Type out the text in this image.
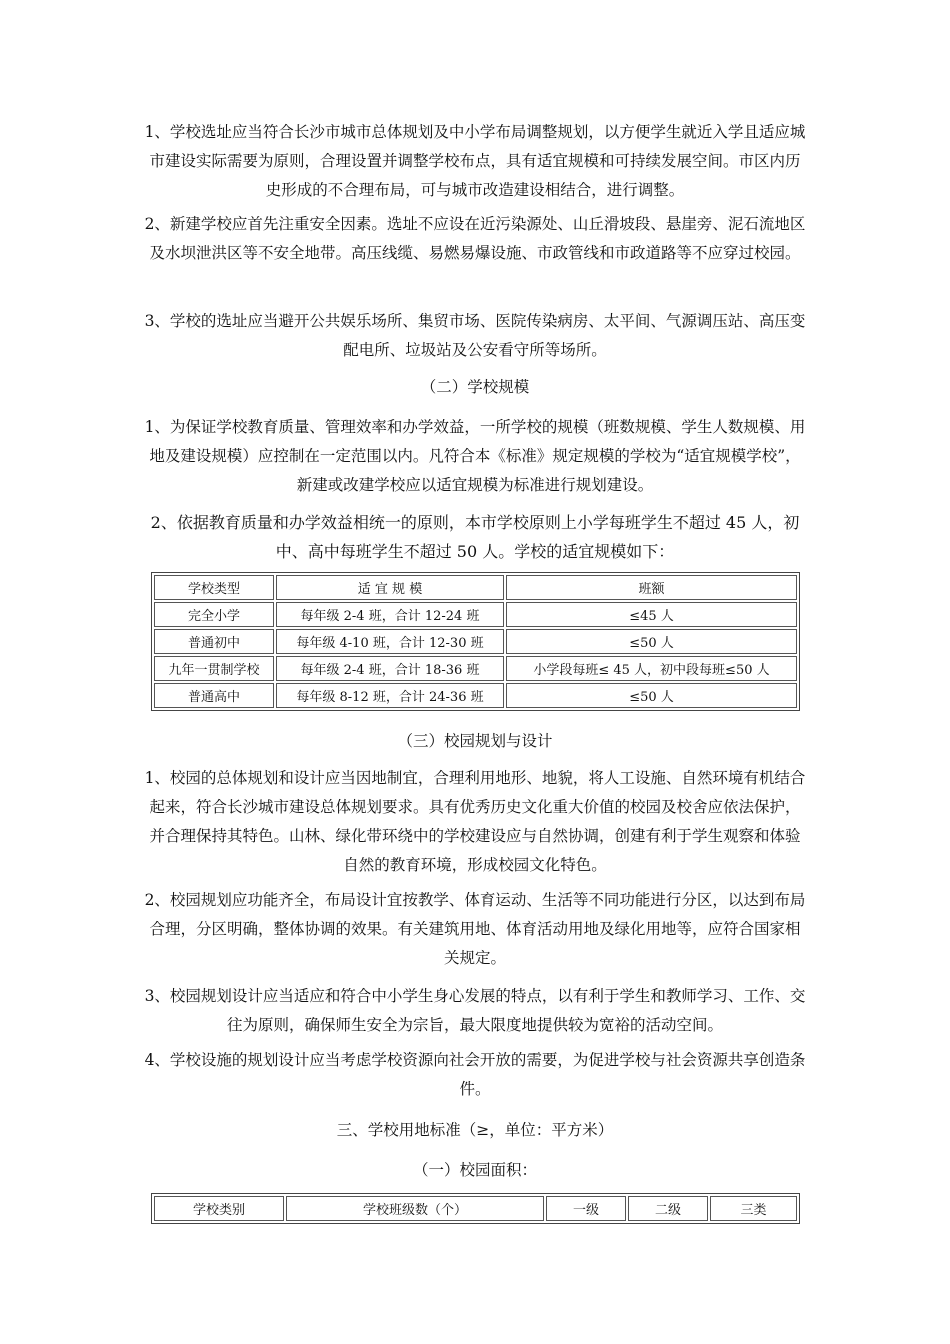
1、学校选址应当符合长沙市城市总体规划及中小学布局调整规划，以方便学生就近入学且适应城市建设实际需要为原则，合理设置并调整学校布点，具有适宜规模和可持续发展空间。市区内历史形成的不合理布局，可与城市改造建设相结合，进行调整。

2、新建学校应首先注重安全因素。选址不应设在近污染源处、山丘滑坡段、悬崖旁、泥石流地区及水坝泄洪区等不安全地带。高压线缆、易燃易爆设施、市政管线和市政道路等不应穿过校园。

3、学校的选址应当避开公共娱乐场所、集贸市场、医院传染病房、太平间、气源调压站、高压变配电所、垃圾站及公安看守所等场所。

（二）学校规模

1、为保证学校教育质量、管理效率和办学效益，一所学校的规模（班数规模、学生人数规模、用地及建设规模）应控制在一定范围以内。凡符合本《标准》规定规模的学校为“适宜规模学校”，新建或改建学校应以适宜规模为标准进行规划建设。

2、依据教育质量和办学效益相统一的原则，本市学校原则上小学每班学生不超过 45 人，初中、高中每班学生不超过 50 人。学校的适宜规模如下：

学校类型	适 宜 规 模	班额
完全小学	每年级 2-4 班，合计 12-24 班	≤45 人
普通初中	每年级 4-10 班，合计 12-30 班	≤50 人
九年一贯制学校	每年级 2-4 班，合计 18-36 班	小学段每班≤ 45 人，初中段每班≤50 人
普通高中	每年级 8-12 班，合计 24-36 班	≤50 人
（三）校园规划与设计

1、校园的总体规划和设计应当因地制宜，合理利用地形、地貌，将人工设施、自然环境有机结合起来，符合长沙城市建设总体规划要求。具有优秀历史文化重大价值的校园及校舍应依法保护，并合理保持其特色。山林、绿化带环绕中的学校建设应与自然协调，创建有利于学生观察和体验自然的教育环境，形成校园文化特色。

2、校园规划应功能齐全，布局设计宜按教学、体育运动、生活等不同功能进行分区，以达到布局合理，分区明确，整体协调的效果。有关建筑用地、体育活动用地及绿化用地等，应符合国家相关规定。

3、校园规划设计应当适应和符合中小学生身心发展的特点，以有利于学生和教师学习、工作、交往为原则，确保师生安全为宗旨，最大限度地提供较为宽裕的活动空间。

4、学校设施的规划设计应当考虑学校资源向社会开放的需要，为促进学校与社会资源共享创造条件。

三、学校用地标准（≥，单位：平方米）
（一）校园面积：
学校类别	学校班级数（个）	一级	二级	三类
